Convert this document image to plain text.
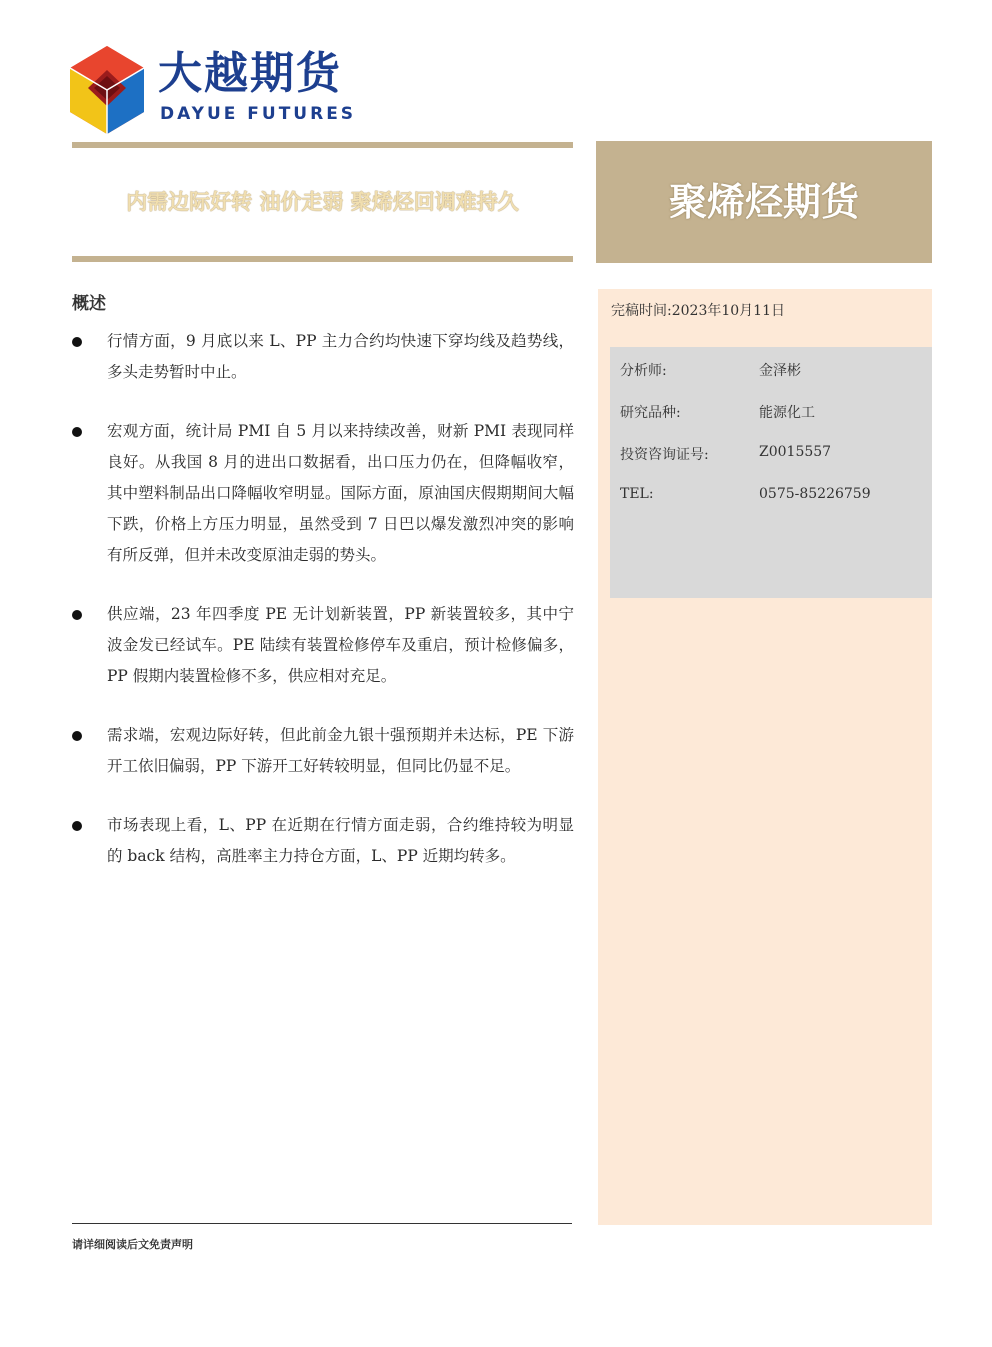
大越期货
DAYUE FUTURES
内需边际好转 油价走弱 聚烯烃回调难持久	聚烯烃期货
概述
行情方面，9 月底以来 L、PP 主力合约均快速下穿均线及趋势线，多头走势暂时中止。
宏观方面，统计局 PMI 自 5 月以来持续改善，财新 PMI 表现同样良好。从我国 8 月的进出口数据看，出口压力仍在，但降幅收窄，其中塑料制品出口降幅收窄明显。国际方面，原油国庆假期期间大幅下跌，价格上方压力明显，虽然受到 7 日巴以爆发激烈冲突的影响有所反弹，但并未改变原油走弱的势头。
供应端，23 年四季度 PE 无计划新装置，PP 新装置较多，其中宁波金发已经试车。PE 陆续有装置检修停车及重启，预计检修偏多，PP 假期内装置检修不多，供应相对充足。
需求端，宏观边际好转，但此前金九银十强预期并未达标，PE 下游开工依旧偏弱，PP 下游开工好转较明显，但同比仍显不足。
市场表现上看，L、PP 在近期在行情方面走弱，合约维持较为明显的 back 结构，高胜率主力持仓方面，L、PP 近期均转多。
完稿时间:2023年10月11日
分析师:	金泽彬
研究品种:	能源化工
投资咨询证号:	Z0015557
TEL:	0575-85226759
请详细阅读后文免责声明
